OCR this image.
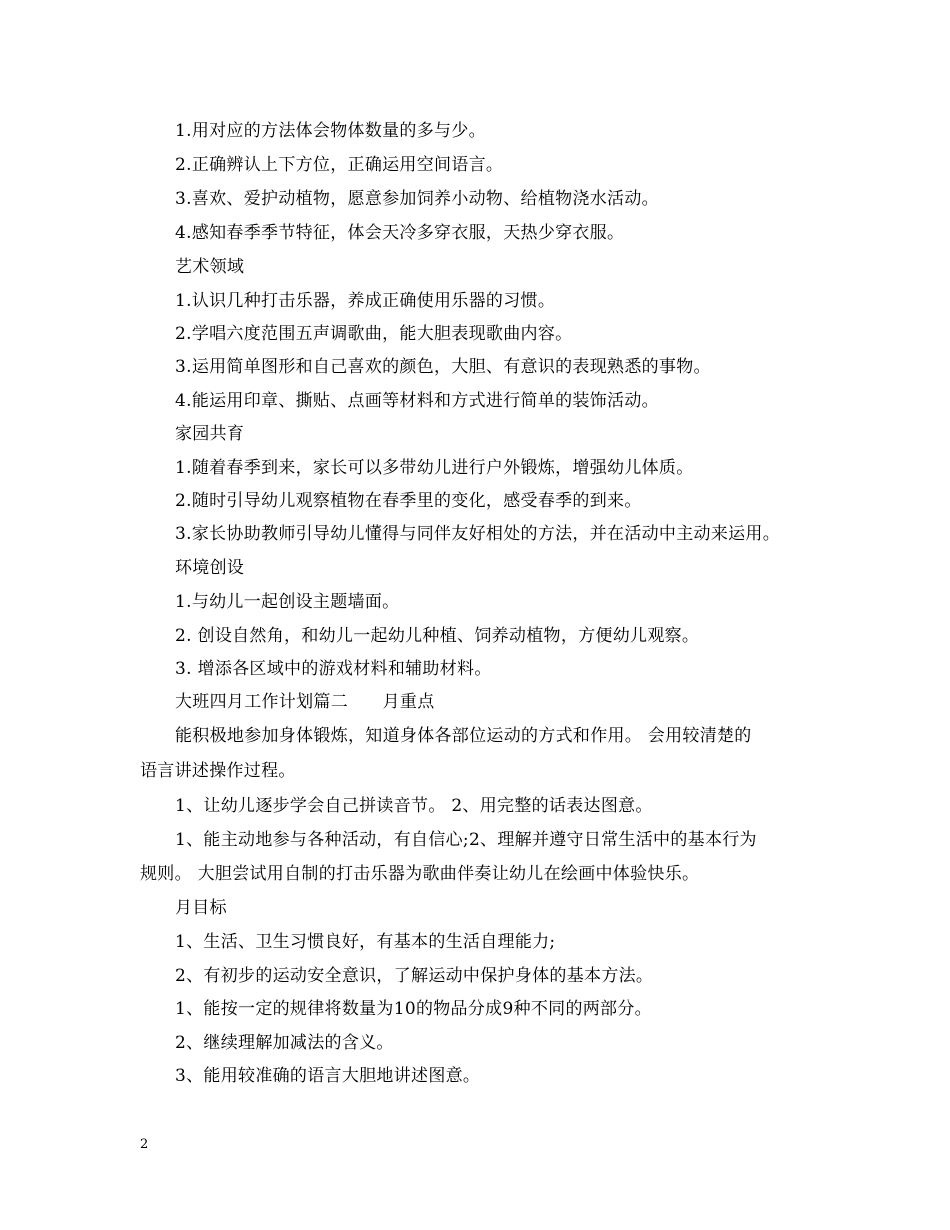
1.用对应的方法体会物体数量的多与少。
2.正确辨认上下方位，正确运用空间语言。
3.喜欢、爱护动植物，愿意参加饲养小动物、给植物浇水活动。
4.感知春季季节特征，体会天冷多穿衣服，天热少穿衣服。
艺术领域
1.认识几种打击乐器，养成正确使用乐器的习惯。
2.学唱六度范围五声调歌曲，能大胆表现歌曲内容。
3.运用简单图形和自己喜欢的颜色，大胆、有意识的表现熟悉的事物。
4.能运用印章、撕贴、点画等材料和方式进行简单的装饰活动。
家园共育
1.随着春季到来，家长可以多带幼儿进行户外锻炼，增强幼儿体质。
2.随时引导幼儿观察植物在春季里的变化，感受春季的到来。
3.家长协助教师引导幼儿懂得与同伴友好相处的方法，并在活动中主动来运用。
环境创设
1.与幼儿一起创设主题墙面。
2. 创设自然角，和幼儿一起幼儿种植、饲养动植物，方便幼儿观察。
3. 增添各区域中的游戏材料和辅助材料。
大班四月工作计划篇二　　月重点
能积极地参加身体锻炼，知道身体各部位运动的方式和作用。 会用较清楚的
语言讲述操作过程。
1、让幼儿逐步学会自己拼读音节。 2、用完整的话表达图意。
1、能主动地参与各种活动，有自信心;2、理解并遵守日常生活中的基本行为
规则。 大胆尝试用自制的打击乐器为歌曲伴奏让幼儿在绘画中体验快乐。
月目标
1、生活、卫生习惯良好，有基本的生活自理能力;
2、有初步的运动安全意识，了解运动中保护身体的基本方法。
1、能按一定的规律将数量为10的物品分成9种不同的两部分。
2、继续理解加减法的含义。
3、能用较准确的语言大胆地讲述图意。
2
